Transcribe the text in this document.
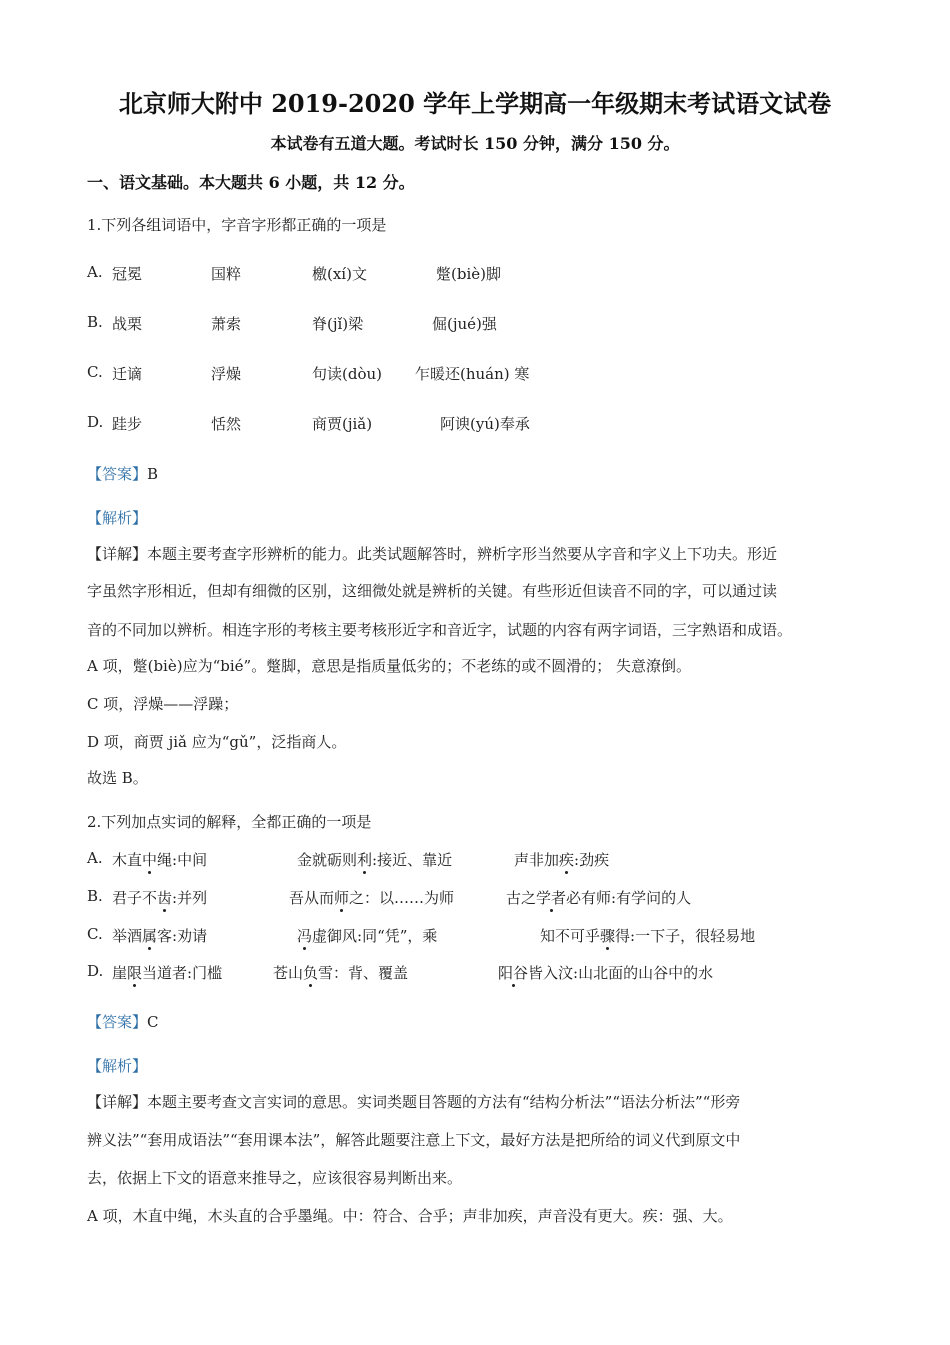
北京师大附中 2019-2020 学年上学期高一年级期末考试语文试卷
本试卷有五道大题。考试时长 150 分钟，满分 150 分。
一、语文基础。本大题共 6 小题，共 12 分。
1.下列各组词语中，字音字形都正确的一项是
A. 冠冕	国粹	檄(xí)文	蹩(biè)脚
B. 战栗	萧索	脊(jǐ)梁	倔(jué)强
C. 迁谪	浮燥	句读(dòu) 乍暖还(huán) 寒
D. 跬步	恬然	商贾(jiǎ)	阿谀(yú)奉承
【答案】B
【解析】
【详解】本题主要考查字形辨析的能力。此类试题解答时，辨析字形当然要从字音和字义上下功夫。形近
字虽然字形相近，但却有细微的区别，这细微处就是辨析的关键。有些形近但读音不同的字，可以通过读
音的不同加以辨析。相连字形的考核主要考核形近字和音近字，试题的内容有两字词语，三字熟语和成语。
A 项，蹩(biè)应为“bié”。蹩脚，意思是指质量低劣的；不老练的或不圆滑的； 失意潦倒。
C 项，浮燥——浮躁；
D 项，商贾 jiǎ 应为“gǔ”，泛指商人。
故选 B。
2.下列加点实词的解释，全都正确的一项是
A. 木直中绳:中间	金就砺则利:接近、靠近	声非加疾:劲疾
B. 君子不齿:并列	吾从而师之：以……为师	古之学者必有师:有学问的人
C. 举酒属客:劝请	冯虚御风:同“凭”，乘	知不可乎骤得:一下子，很轻易地
D. 崖限当道者:门槛	苍山负雪：背、覆盖	阳谷皆入汶:山北面的山谷中的水
【答案】C
【解析】
【详解】本题主要考查文言实词的意思。实词类题目答题的方法有“结构分析法”“语法分析法”“形旁
辨义法”“套用成语法”“套用课本法”，解答此题要注意上下文，最好方法是把所给的词义代到原文中
去，依据上下文的语意来推导之，应该很容易判断出来。
A 项，木直中绳，木头直的合乎墨绳。中：符合、合乎；声非加疾，声音没有更大。疾：强、大。
